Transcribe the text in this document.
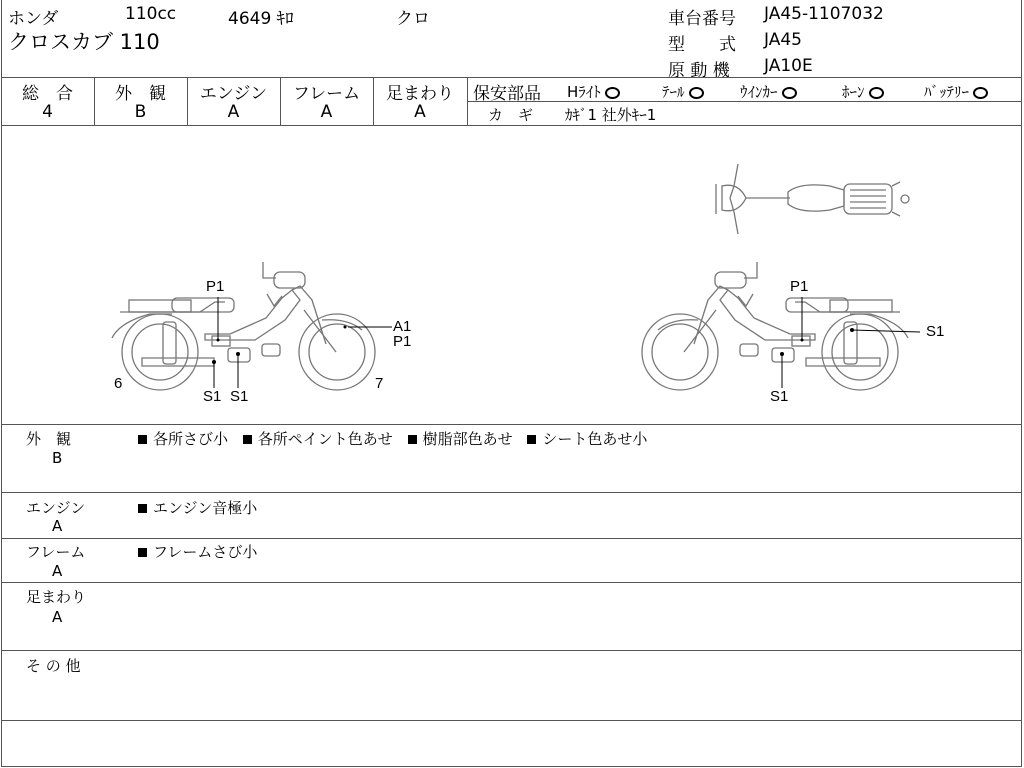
ホンダ	110cc	4649 ｷﾛ	クロ
クロスカブ 110
車台番号 JA45-1107032
型　　式 JA45
原 動 機 JA10E
総　合
4
外　観
B
エンジン
A
フレーム
A
足まわり
A
保安部品 Hﾗｲﾄ	ﾃｰﾙ	ｳｲﾝｶｰ	ﾎｰﾝ	ﾊﾞｯﾃﾘｰ
カ　ギ ｶｷﾞ1 社外ｷｰ1
P1
A1
P1
6	7
S1 S1
P1
S1
S1
外　観
B
各所さび小 各所ペイント色あせ 樹脂部色あせ シート色あせ小
エンジン
A
エンジン音極小
フレーム
A
フレームさび小
足まわり
A
そ の 他
